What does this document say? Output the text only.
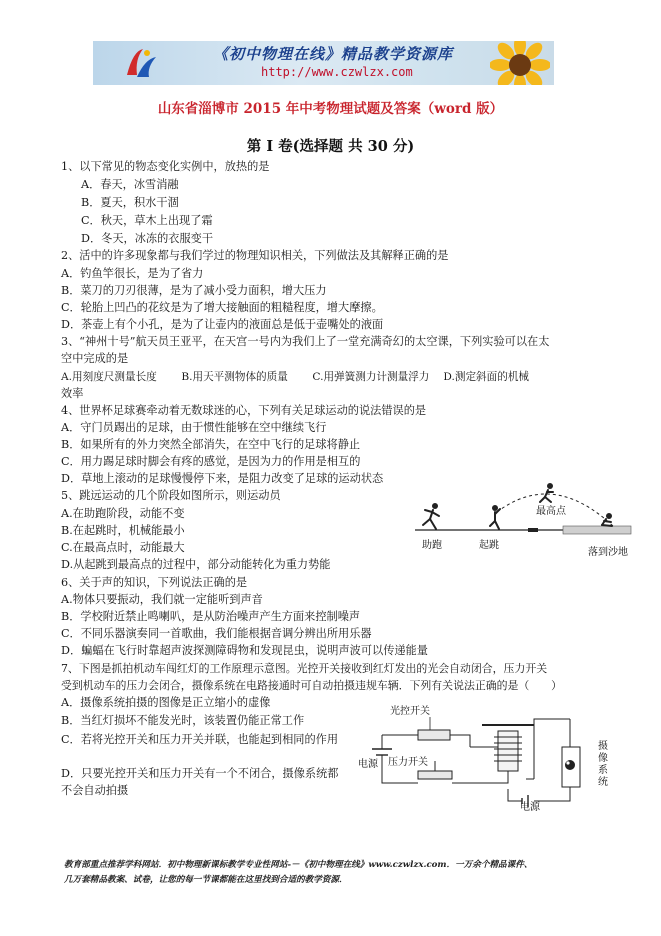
《初中物理在线》精品教学资源库
http://www.czwlzx.com
山东省淄博市 2015 年中考物理试题及答案（word 版）
第 I 卷(选择题 共 30 分)
1、以下常见的物态变化实例中，放热的是
A．春天，冰雪消融
B．夏天，积水干涸
C．秋天，草木上出现了霜
D．冬天，冰冻的衣服变干
2、活中的许多现象都与我们学过的物理知识相关，下列做法及其解释正确的是
A．钓鱼竿很长，是为了省力
B．菜刀的刀刃很薄，是为了减小受力面积，增大压力
C．轮胎上凹凸的花纹是为了增大接触面的粗糙程度，增大摩擦。
D．茶壶上有个小孔，是为了让壶内的液面总是低于壶嘴处的液面
3、“神州十号”航天员王亚平，在天宫一号内为我们上了一堂充满奇幻的太空课，下列实验可以在太
空中完成的是
A.用刻度尺测量长度 　　B.用天平测物体的质量 　　C.用弹簧测力计测量浮力 　D.测定斜面的机械
效率
4、世界杯足球赛牵动着无数球迷的心，下列有关足球运动的说法错误的是
A．守门员踢出的足球，由于惯性能够在空中继续飞行
B．如果所有的外力突然全部消失，在空中飞行的足球将静止
C．用力踢足球时脚会有疼的感觉，是因为力的作用是相互的
D．草地上滚动的足球慢慢停下来，是阻力改变了足球的运动状态
5、跳远运动的几个阶段如图所示，则运动员
A.在助跑阶段，动能不变
B.在起跳时，机械能最小
C.在最高点时，动能最大
D.从起跳到最高点的过程中，部分动能转化为重力势能
6、关于声的知识，下列说法正确的是
A.物体只要振动，我们就一定能听到声音
B．学校附近禁止鸣喇叭，是从防治噪声产生方面来控制噪声
C．不同乐器演奏同一首歌曲，我们能根据音调分辨出所用乐器
D．蝙蝠在飞行时靠超声波探测障碍物和发现昆虫，说明声波可以传递能量
7、下图是抓拍机动车闯红灯的工作原理示意图。光控开关接收到红灯发出的光会自动闭合，压力开关
受到机动车的压力会闭合，摄像系统在电路接通时可自动拍摄违规车辆．下列有关说法正确的是（　　）
A．摄像系统拍摄的图像是正立缩小的虚像
B．当红灯损坏不能发光时，该装置仍能正常工作
C．若将光控开关和压力开关并联，也能起到相同的作用
D．只要光控开关和压力开关有一个不闭合，摄像系统都
不会自动拍摄
助跑	起跳
最高点
落到沙地
光控开关
电源 压力开关
电源
摄像系统
教育部重点推荐学科网站．初中物理新课标教学专业性网站-－《初中物理在线》www.czwlzx.com．一万余个精品课件、
几万套精品教案、试卷，让您的每一节课都能在这里找到合适的教学资源．
